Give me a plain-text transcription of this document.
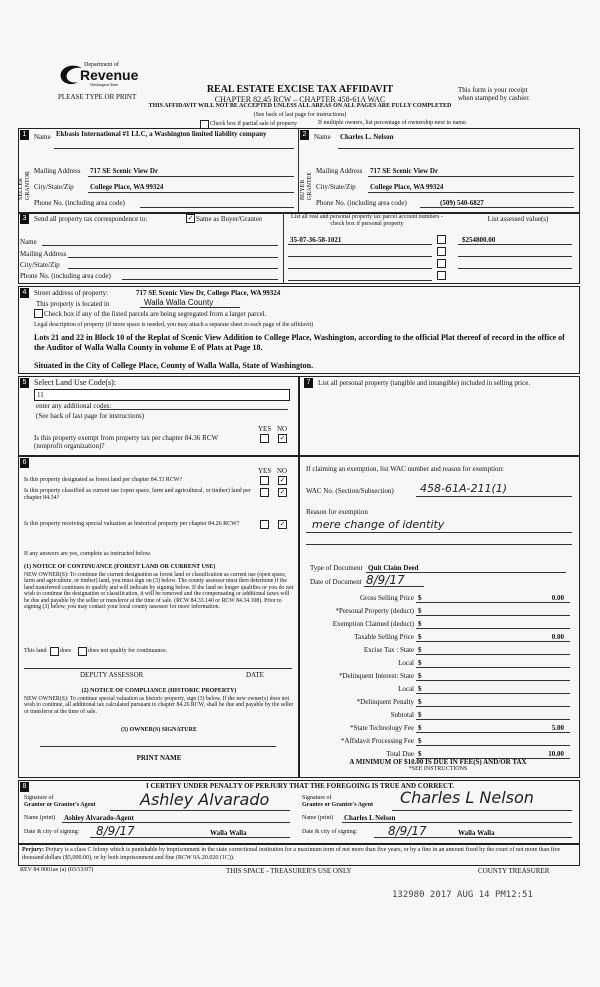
Department of
Revenue
Washington State
PLEASE TYPE OR PRINT
REAL ESTATE EXCISE TAX AFFIDAVIT
CHAPTER 82.45 RCW – CHAPTER 458-61A WAC
This form is your receipt
when stamped by cashier.
THIS AFFIDAVIT WILL NOT BE ACCEPTED UNLESS ALL AREAS ON ALL PAGES ARE FULLY COMPLETED
(See back of last page for instructions)
Check box if partial sale of property	If multiple owners, list percentage of ownership next to name.
1
SELLER GRANTOR
Name Ekbasis International #1 LLC, a Washington limited liability company
Mailing Address 717 SE Scenic View Dr
City/State/Zip College Place, WA 99324
Phone No. (including area code)
2
BUYER GRANTEE
Name Charles L. Nelson
Mailing Address 717 SE Scenic View Dr
City/State/Zip College Place, WA 99324
Phone No. (including area code)	(509) 540-6827
3	Send all property tax correspondence to:	✓ Same as Buyer/Grantee
Name
Mailing Address
City/State/Zip
Phone No. (including area code)
List all real and personal property tax parcel account numbers - check box if personal property
List assessed value(s)
35-07-36-58-1021	$254800.00
4	Street address of property:	717 SE Scenic View Dr, College Place, WA 99324
This property is located in	Walla Walla County
Check box if any of the listed parcels are being segregated from a larger parcel.
Legal description of property (if more space is needed, you may attach a separate sheet to each page of the affidavit)
Lots 21 and 22 in Block 10 of the Replat of Scenic View Addition to College Place, Washington, according to the official Plat thereof of record in the office of the Auditor of Walla Walla County in volume E of Plats at Page 18.
Situated in the City of College Place, County of Walla Walla, State of Washington.
5 Select Land Use Code(s):
11
enter any additional codes:
(See back of last page for instructions)
YES NO
Is this property exempt from property tax per chapter 84.36 RCW (nonprofit organization)?
✓
7	List all personal property (tangible and intangible) included in selling price.
6
YES NO
Is this property designated as forest land per chapter 84.33 RCW?	✓
Is this property classified as current use (open space, farm and agricultural, or timber) land per chapter 84.34?
✓
Is this property receiving special valuation as historical property per chapter 84.26 RCW?	✓
If any answers are yes, complete as instructed below.
(1) NOTICE OF CONTINUANCE (FOREST LAND OR CURRENT USE)
NEW OWNER(S): To continue the current designation as forest land or classification as current use (open space, farm and agriculture, or timber) land, you must sign on (3) below. The county assessor must then determine if the land transferred continues to qualify and will indicate by signing below. If the land no longer qualifies or you do not wish to continue the designation or classification, it will be removed and the compensating or additional taxes will be due and payable by the seller or transferor at the time of sale. (RCW 84.33.140 or RCW 84.34.108). Prior to signing (3) below, you may contact your local county assessor for more information.
This land does	does not qualify for continuance.
DEPUTY ASSESSOR	DATE
(2) NOTICE OF COMPLIANCE (HISTORIC PROPERTY)
NEW OWNER(S): To continue special valuation as historic property, sign (3) below. If the new owner(s) does not wish to continue, all additional tax calculated pursuant to chapter 84.26 RCW, shall be due and payable by the seller or transferor at the time of sale.
(3) OWNER(S) SIGNATURE
PRINT NAME
If claiming an exemption, list WAC number and reason for exemption:
WAC No. (Section/Subsection) 458-61A-211(1)
Reason for exemption
mere change of identity
Type of Document Quit Claim Deed
Date of Document 8/9/17
Gross Selling Price $	0.00
*Personal Property (deduct) $
Exemption Claimed (deduct) $
Taxable Selling Price $	0.00
Excise Tax : State $
Local $
*Delinquent Interest: State $
Local $
*Delinquent Penalty $
Subtotal $
*State Technology Fee $	5.00
*Affidavit Processing Fee $
Total Due $	10.00
A MINIMUM OF $10.00 IS DUE IN FEE(S) AND/OR TAX
*SEE INSTRUCTIONS
8	I CERTIFY UNDER PENALTY OF PERJURY THAT THE FOREGOING IS TRUE AND CORRECT.
Signature of
Grantor or Grantor's Agent	Ashley Alvarado
Name (print) Ashley Alvarado-Agent
Date & city of signing: 8/9/17	Walla Walla
Signature of
Grantee or Grantee's Agent Charles L Nelson
Name (print) Charles L Nelson
Date & city of signing:	8/9/17	Walla Walla
Perjury: Perjury is a class C felony which is punishable by imprisonment in the state correctional institution for a maximum term of not more than five years, or by a fine in an amount fixed by the court of not more than five thousand dollars ($5,000.00), or by both imprisonment and fine (RCW 9A.20.020 (1C)).
REV 84 0001ae (a) (03/13/07)	THIS SPACE - TREASURER'S USE ONLY	COUNTY TREASURER
132980 2017 AUG 14 PM12:51
